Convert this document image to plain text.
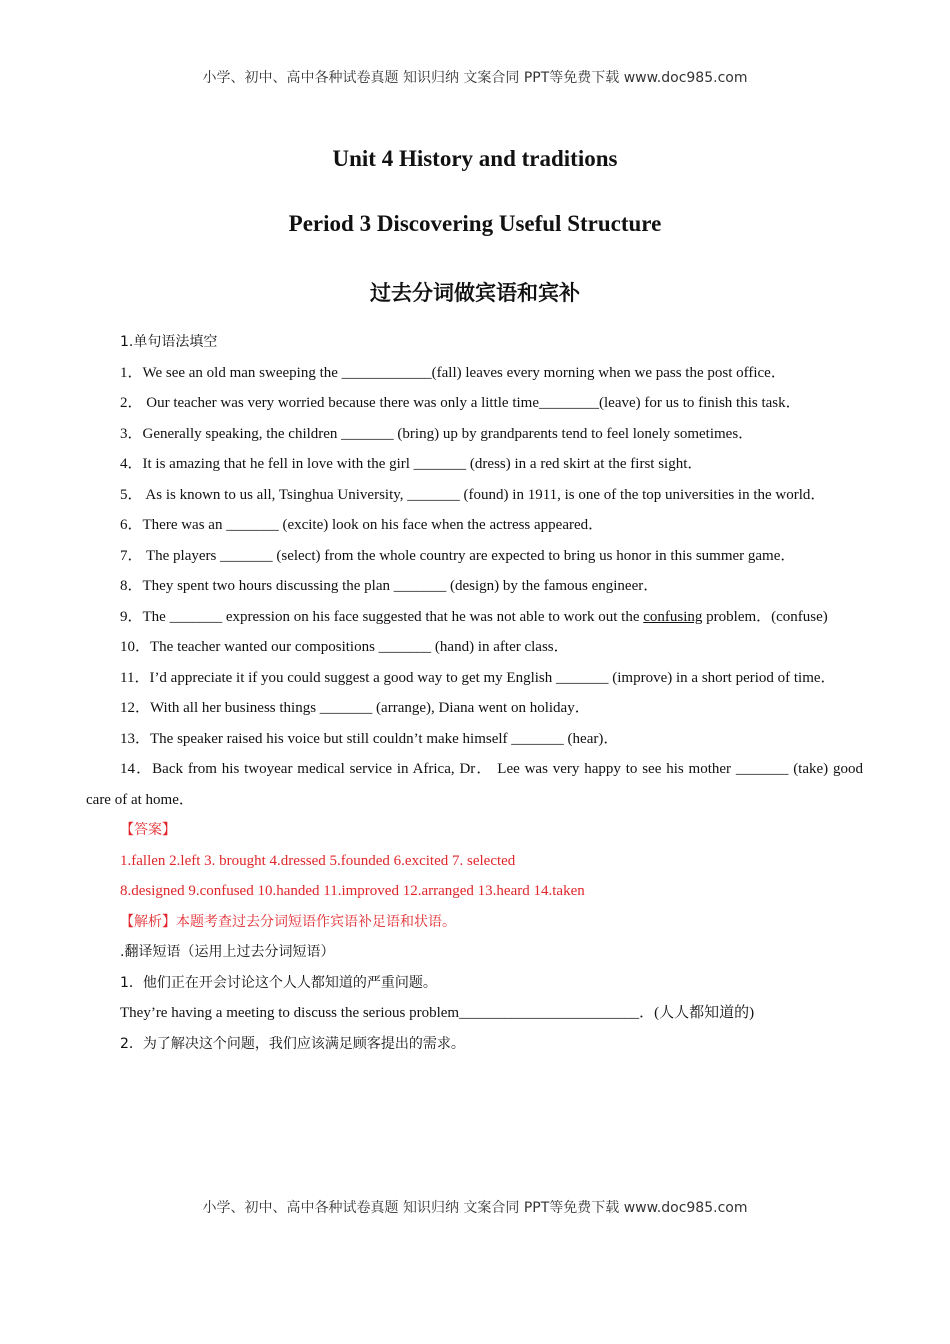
小学、初中、高中各种试卷真题 知识归纳 文案合同 PPT等免费下载 www.doc985.com
Unit 4 History and traditions
Period 3 Discovering Useful Structure
过去分词做宾语和宾补

1.单句语法填空

1．We see an old man sweeping the ____________(fall) leaves every morning when we pass the post office．

2． Our teacher was very worried because there was only a little time________(leave) for us to finish this task．

3．Generally speaking, the children _______ (bring) up by grandparents tend to feel lonely sometimes．

4．It is amazing that he fell in love with the girl _______ (dress) in a red skirt at the first sight．

5． As is known to us all, Tsinghua University, _______ (found) in 1911, is one of the top universities in the world．

6．There was an _______ (excite) look on his face when the actress appeared．

7． The players _______ (select) from the whole country are expected to bring us honor in this summer game．

8．They spent two hours discussing the plan _______ (design) by the famous engineer．

9．The _______ expression on his face suggested that he was not able to work out the confusing problem．(confuse)

10．The teacher wanted our compositions _______ (hand) in after class．

11．I’d appreciate it if you could suggest a good way to get my English _______ (improve) in a short period of time．

12．With all her business things _______ (arrange), Diana went on holiday．

13．The speaker raised his voice but still couldn’t make himself _______ (hear)．

14．Back from his twoyear medical service in Africa, Dr． Lee was very happy to see his mother _______ (take) good care of at home．

【答案】

1.fallen 2.left 3. brought 4.dressed 5.founded 6.excited 7. selected

8.designed 9.confused 10.handed 11.improved 12.arranged 13.heard 14.taken

【解析】本题考查过去分词短语作宾语补足语和状语。

.翻译短语（运用上过去分词短语）

1．他们正在开会讨论这个人人都知道的严重问题。

They’re having a meeting to discuss the serious problem________________________．(人人都知道的)

2．为了解决这个问题，我们应该满足顾客提出的需求。

小学、初中、高中各种试卷真题 知识归纳 文案合同 PPT等免费下载 www.doc985.com
